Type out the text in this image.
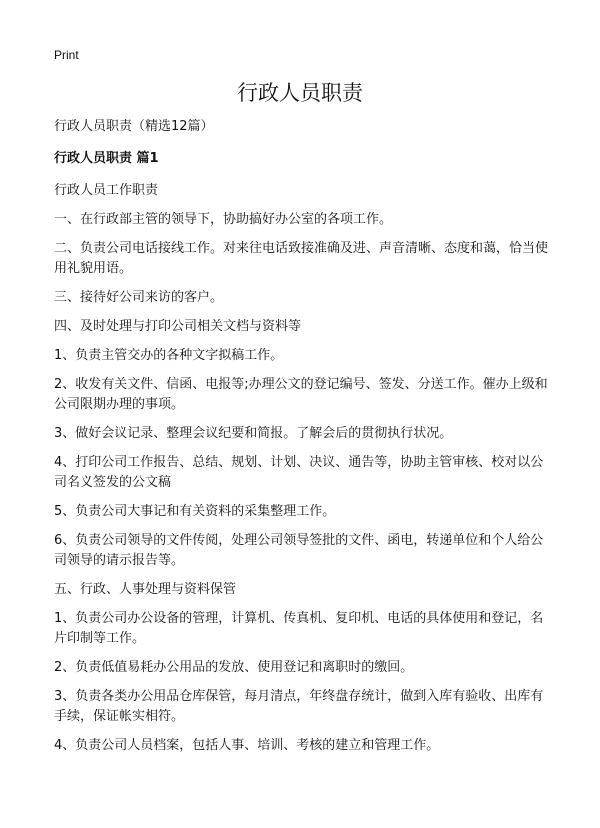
Print
行政人员职责
行政人员职责（精选12篇）
行政人员职责 篇1

行政人员工作职责

一、在行政部主管的领导下，协助搞好办公室的各项工作。

二、负责公司电话接线工作。对来往电话致接准确及进、声音清晰、态度和蔼，恰当使用礼貌用语。

三、接待好公司来访的客户。

四、及时处理与打印公司相关文档与资料等

1、负责主管交办的各种文字拟稿工作。

2、收发有关文件、信函、电报等;办理公文的登记编号、签发、分送工作。催办上级和公司限期办理的事项。

3、做好会议记录、整理会议纪要和简报。了解会后的贯彻执行状况。

4、打印公司工作报告、总结、规划、计划、决议、通告等，协助主管审核、校对以公司名义签发的公文稿

5、负责公司大事记和有关资料的采集整理工作。

6、负责公司领导的文件传阅，处理公司领导签批的文件、函电，转递单位和个人给公司领导的请示报告等。

五、行政、人事处理与资料保管

1、负责公司办公设备的管理，计算机、传真机、复印机、电话的具体使用和登记，名片印制等工作。

2、负责低值易耗办公用品的发放、使用登记和离职时的缴回。

3、负责各类办公用品仓库保管，每月清点，年终盘存统计，做到入库有验收、出库有手续，保证帐实相符。

4、负责公司人员档案，包括人事、培训、考核的建立和管理工作。
